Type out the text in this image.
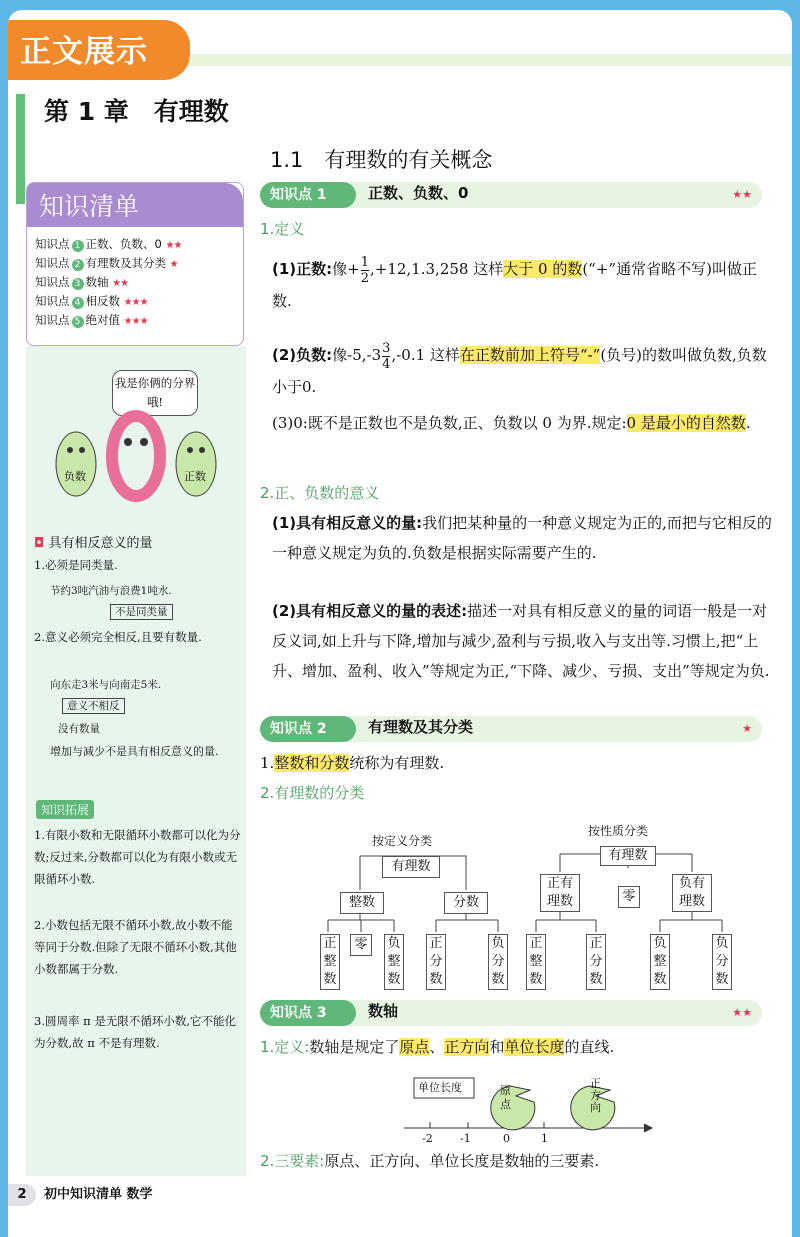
正文展示
第 1 章　有理数
1.1　有理数的有关概念
知识清单
知识点 1 正数、负数、0 ★★
知识点 2 有理数及其分类 ★
知识点 3 数轴 ★★
知识点 4 相反数 ★★★
知识点 5 绝对值 ★★★
我是你俩的分界哦!
负数	正数
◘ 具有相反意义的量
1.必须是同类量.
节约3吨汽油与浪费1吨水.
不是同类量
2.意义必须完全相反,且要有数量.
向东走3米与向南走5米.
意义不相反
没有数量
增加与减少不是具有相反意义的量.
知识拓展
1.有限小数和无限循环小数都可以化为分数;反过来,分数都可以化为有限小数或无限循环小数.
2.小数包括无限不循环小数,故小数不能等同于分数.但除了无限不循环小数,其他小数都属于分数.
3.圆周率 π 是无限不循环小数,它不能化为分数,故 π 不是有理数.
知识点 1	正数、负数、0	★★
1.定义
(1)正数:像+ $\frac{1}{2} ,+12,1.3,258$ 这样大于 0 的数(“+”通常省略不写)叫做正数.
(2)负数:像$-5,-3 \frac{3}{4} ,-0.1$ 这样在正数前加上符号“-”(负号)的数叫做负数,负数小于0.
(3)0:既不是正数也不是负数,正、负数以 0 为界.规定:0 是最小的自然数.
2.正、负数的意义
(1)具有相反意义的量:我们把某种量的一种意义规定为正的,而把与它相反的一种意义规定为负的.负数是根据实际需要产生的.
(2)具有相反意义的量的表述:描述一对具有相反意义的量的词语一般是一对反义词,如上升与下降,增加与减少,盈利与亏损,收入与支出等.习惯上,把“上升、增加、盈利、收入”等规定为正,“下降、减少、亏损、支出”等规定为负.
知识点 2	有理数及其分类	★
1.整数和分数统称为有理数.
2.有理数的分类
按定义分类
按性质分类
有理数
整数	分数
正整数
零	负整数
正分数
负分数
有理数
正有理数	零
负有理数
正整数
正分数
负整数
负分数
知识点 3	数轴	★★
1.定义:数轴是规定了原点、正方向和单位长度的直线.
单位长度	原点
正方向
-2 -1	0	1
2.三要素:原点、正方向、单位长度是数轴的三要素.
2	初中知识清单 数学
